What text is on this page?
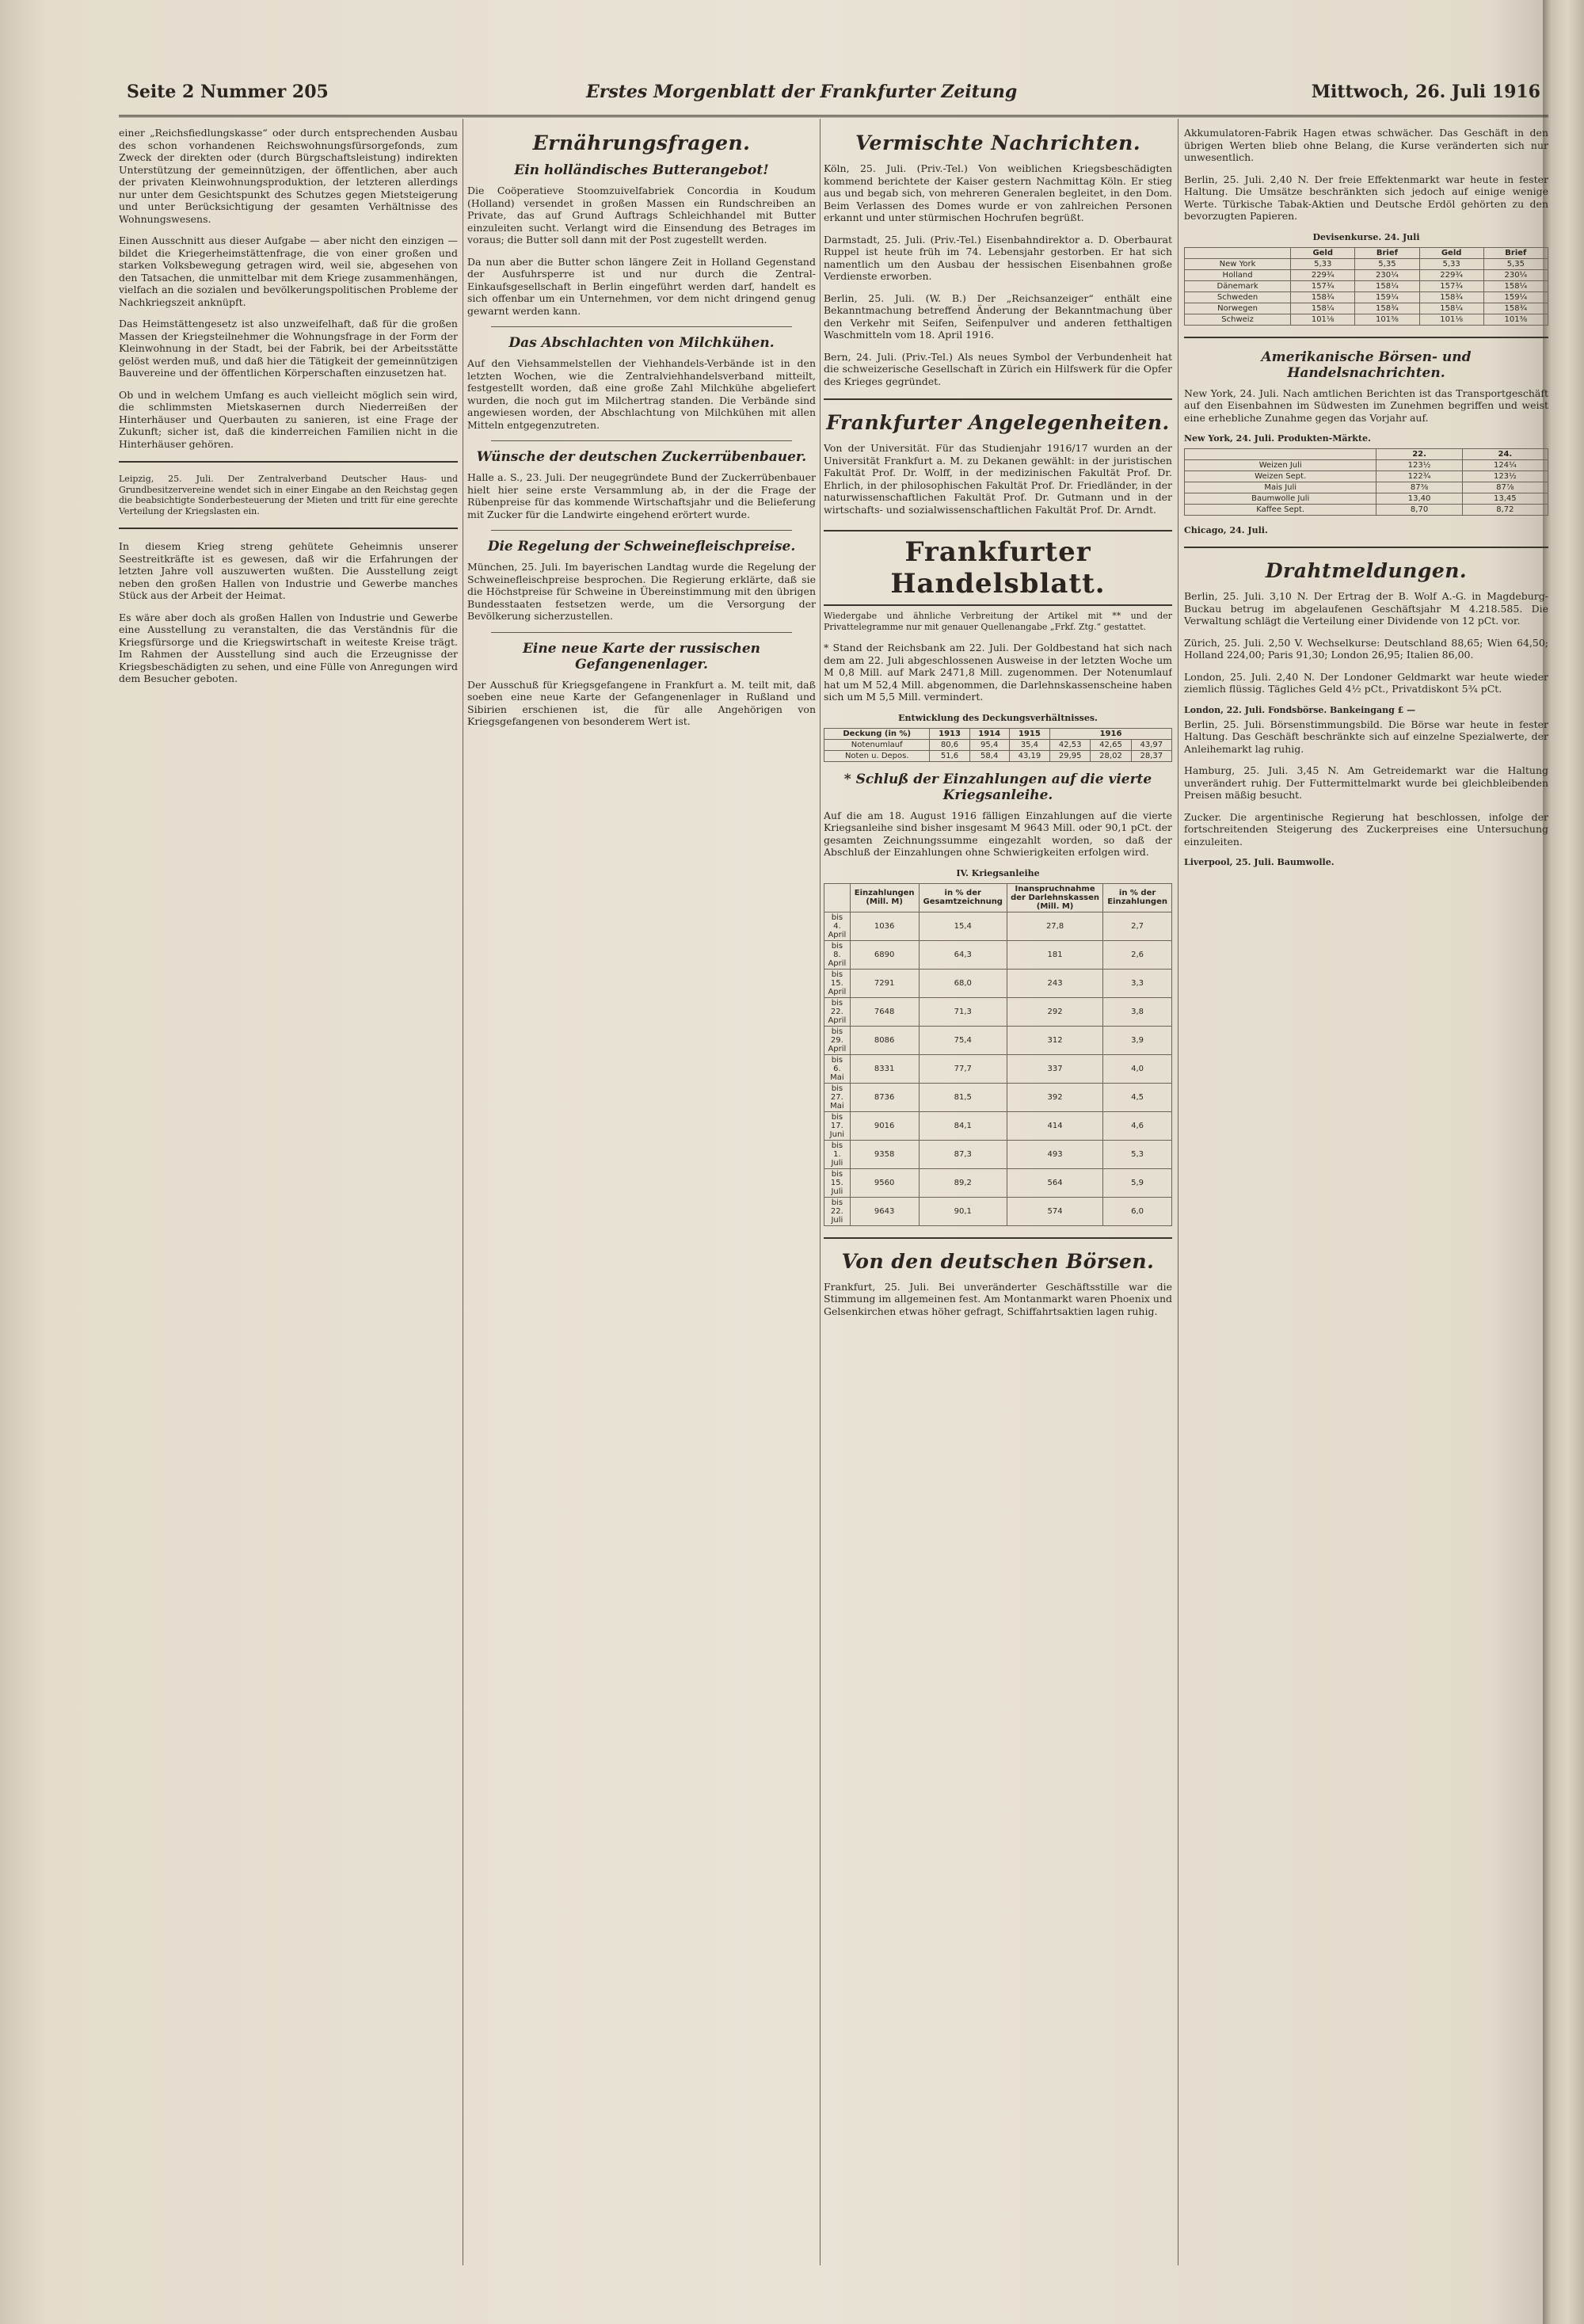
Seite 2 Nummer 205	Erstes Morgenblatt der Frankfurter Zeitung	Mittwoch, 26. Juli 1916

einer „Reichsfiedlungskasse“ oder durch entsprechenden Ausbau des schon vorhandenen Reichswohnungsfürsorgefonds, zum Zweck der direkten oder (durch Bürgschaftsleistung) indirekten Unterstützung der gemeinnützigen, der öffentlichen, aber auch der privaten Kleinwohnungsproduktion, der letzteren allerdings nur unter dem Gesichtspunkt des Schutzes gegen Mietsteigerung und unter Berücksichtigung der gesamten Verhältnisse des Wohnungswesens.

Einen Ausschnitt aus dieser Aufgabe — aber nicht den einzigen — bildet die Kriegerheimstättenfrage, die von einer großen und starken Volksbewegung getragen wird, weil sie, abgesehen von den Tatsachen, die unmittelbar mit dem Kriege zusammenhängen, vielfach an die sozialen und bevölkerungspolitischen Probleme der Nachkriegszeit anknüpft.

Das Heimstättengesetz ist also unzweifelhaft, daß für die großen Massen der Kriegsteilnehmer die Wohnungsfrage in der Form der Kleinwohnung in der Stadt, bei der Fabrik, bei der Arbeitsstätte gelöst werden muß, und daß hier die Tätigkeit der gemeinnützigen Bauvereine und der öffentlichen Körperschaften einzusetzen hat.

Ob und in welchem Umfang es auch vielleicht möglich sein wird, die schlimmsten Mietskasernen durch Niederreißen der Hinterhäuser und Querbauten zu sanieren, ist eine Frage der Zukunft; sicher ist, daß die kinderreichen Familien nicht in die Hinterhäuser gehören.

Leipzig, 25. Juli. Der Zentralverband Deutscher Haus- und Grundbesitzervereine wendet sich in einer Eingabe an den Reichstag gegen die beabsichtigte Sonderbesteuerung der Mieten und tritt für eine gerechte Verteilung der Kriegslasten ein.

In diesem Krieg streng gehütete Geheimnis unserer Seestreitkräfte ist es gewesen, daß wir die Erfahrungen der letzten Jahre voll auszuwerten wußten. Die Ausstellung zeigt neben den großen Hallen von Industrie und Gewerbe manches Stück aus der Arbeit der Heimat.

Es wäre aber doch als großen Hallen von Industrie und Gewerbe eine Ausstellung zu veranstalten, die das Verständnis für die Kriegsfürsorge und die Kriegswirtschaft in weiteste Kreise trägt. Im Rahmen der Ausstellung sind auch die Erzeugnisse der Kriegsbeschädigten zu sehen, und eine Fülle von Anregungen wird dem Besucher geboten.

Ernährungsfragen.
Ein holländisches Butterangebot!

Die Coöperatieve Stoomzuivelfabriek Concordia in Koudum (Holland) versendet in großen Massen ein Rundschreiben an Private, das auf Grund Auftrags Schleichhandel mit Butter einzuleiten sucht. Verlangt wird die Einsendung des Betrages im voraus; die Butter soll dann mit der Post zugestellt werden.

Da nun aber die Butter schon längere Zeit in Holland Gegenstand der Ausfuhrsperre ist und nur durch die Zentral-Einkaufsgesellschaft in Berlin eingeführt werden darf, handelt es sich offenbar um ein Unternehmen, vor dem nicht dringend genug gewarnt werden kann.

Das Abschlachten von Milchkühen.

Auf den Viehsammelstellen der Viehhandels-Verbände ist in den letzten Wochen, wie die Zentralviehhandelsverband mitteilt, festgestellt worden, daß eine große Zahl Milchkühe abgeliefert wurden, die noch gut im Milchertrag standen. Die Verbände sind angewiesen worden, der Abschlachtung von Milchkühen mit allen Mitteln entgegenzutreten.

Wünsche der deutschen Zuckerrübenbauer.

Halle a. S., 23. Juli. Der neugegründete Bund der Zuckerrübenbauer hielt hier seine erste Versammlung ab, in der die Frage der Rübenpreise für das kommende Wirtschaftsjahr und die Belieferung mit Zucker für die Landwirte eingehend erörtert wurde.

Die Regelung der Schweinefleischpreise.

München, 25. Juli. Im bayerischen Landtag wurde die Regelung der Schweinefleischpreise besprochen. Die Regierung erklärte, daß sie die Höchstpreise für Schweine in Übereinstimmung mit den übrigen Bundesstaaten festsetzen werde, um die Versorgung der Bevölkerung sicherzustellen.

Eine neue Karte der russischen Gefangenenlager.

Der Ausschuß für Kriegsgefangene in Frankfurt a. M. teilt mit, daß soeben eine neue Karte der Gefangenenlager in Rußland und Sibirien erschienen ist, die für alle Angehörigen von Kriegsgefangenen von besonderem Wert ist.

Vermischte Nachrichten.

Köln, 25. Juli. (Priv.-Tel.) Von weiblichen Kriegsbeschädigten kommend berichtete der Kaiser gestern Nachmittag Köln. Er stieg aus und begab sich, von mehreren Generalen begleitet, in den Dom. Beim Verlassen des Domes wurde er von zahlreichen Personen erkannt und unter stürmischen Hochrufen begrüßt.

Darmstadt, 25. Juli. (Priv.-Tel.) Eisenbahndirektor a. D. Oberbaurat Ruppel ist heute früh im 74. Lebensjahr gestorben. Er hat sich namentlich um den Ausbau der hessischen Eisenbahnen große Verdienste erworben.

Berlin, 25. Juli. (W. B.) Der „Reichsanzeiger“ enthält eine Bekanntmachung betreffend Änderung der Bekanntmachung über den Verkehr mit Seifen, Seifenpulver und anderen fetthaltigen Waschmitteln vom 18. April 1916.

Bern, 24. Juli. (Priv.-Tel.) Als neues Symbol der Verbundenheit hat die schweizerische Gesellschaft in Zürich ein Hilfswerk für die Opfer des Krieges gegründet.

Frankfurter Angelegenheiten.

Von der Universität. Für das Studienjahr 1916/17 wurden an der Universität Frankfurt a. M. zu Dekanen gewählt: in der juristischen Fakultät Prof. Dr. Wolff, in der medizinischen Fakultät Prof. Dr. Ehrlich, in der philosophischen Fakultät Prof. Dr. Friedländer, in der naturwissenschaftlichen Fakultät Prof. Dr. Gutmann und in der wirtschafts- und sozialwissenschaftlichen Fakultät Prof. Dr. Arndt.

Frankfurter Handelsblatt.

Wiedergabe und ähnliche Verbreitung der Artikel mit ** und der Privattelegramme nur mit genauer Quellenangabe „Frkf. Ztg.“ gestattet.

* Stand der Reichsbank am 22. Juli. Der Goldbestand hat sich nach dem am 22. Juli abgeschlossenen Ausweise in der letzten Woche um M 0,8 Mill. auf Mark 2471,8 Mill. zugenommen. Der Notenumlauf hat um M 52,4 Mill. abgenommen, die Darlehnskassenscheine haben sich um M 5,5 Mill. vermindert.

Entwicklung des Deckungsverhältnisses.
Deckung (in %)	1913	1914	1915	1916		
Notenumlauf	80,6	95,4	35,4	42,53	42,65	43,97
Noten u. Depos.	51,6	58,4	43,19	29,95	28,02	28,37
* Schluß der Einzahlungen auf die vierte Kriegsanleihe.

Auf die am 18. August 1916 fälligen Einzahlungen auf die vierte Kriegsanleihe sind bisher insgesamt M 9643 Mill. oder 90,1 pCt. der gesamten Zeichnungssumme eingezahlt worden, so daß der Abschluß der Einzahlungen ohne Schwierigkeiten erfolgen wird.

IV. Kriegsanleihe
	Einzahlungen (Mill. M)	in % der Gesamtzeichnung	Inanspruchnahme der Darlehnskassen (Mill. M)	in % der Einzahlungen
bis 4. April	1036	15,4	27,8	2,7
bis 8. April	6890	64,3	181	2,6
bis 15. April	7291	68,0	243	3,3
bis 22. April	7648	71,3	292	3,8
bis 29. April	8086	75,4	312	3,9
bis 6. Mai	8331	77,7	337	4,0
bis 27. Mai	8736	81,5	392	4,5
bis 17. Juni	9016	84,1	414	4,6
bis 1. Juli	9358	87,3	493	5,3
bis 15. Juli	9560	89,2	564	5,9
bis 22. Juli	9643	90,1	574	6,0
Von den deutschen Börsen.

Frankfurt, 25. Juli. Bei unveränderter Geschäftsstille war die Stimmung im allgemeinen fest. Am Montanmarkt waren Phoenix und Gelsenkirchen etwas höher gefragt, Schiffahrtsaktien lagen ruhig.

Akkumulatoren-Fabrik Hagen etwas schwächer. Das Geschäft in den übrigen Werten blieb ohne Belang, die Kurse veränderten sich nur unwesentlich.

Berlin, 25. Juli. 2,40 N. Der freie Effektenmarkt war heute in fester Haltung. Die Umsätze beschränkten sich jedoch auf einige wenige Werte. Türkische Tabak-Aktien und Deutsche Erdöl gehörten zu den bevorzugten Papieren.

Devisenkurse. 24. Juli
	Geld	Brief	Geld	Brief
New York	5,33	5,35	5,33	5,35
Holland	229¾	230¼	229¾	230¼
Dänemark	157¾	158¼	157¾	158¼
Schweden	158¾	159¼	158¾	159¼
Norwegen	158¼	158¾	158¼	158¾
Schweiz	101⅛	101⅜	101⅛	101⅜
Amerikanische Börsen- und Handelsnachrichten.

New York, 24. Juli. Nach amtlichen Berichten ist das Transportgeschäft auf den Eisenbahnen im Südwesten im Zunehmen begriffen und weist eine erhebliche Zunahme gegen das Vorjahr auf.

New York, 24. Juli. Produkten-Märkte.
	22.	24.
Weizen Juli	123½	124¼
Weizen Sept.	122¾	123½
Mais Juli	87⅜	87⅞
Baumwolle Juli	13,40	13,45
Kaffee Sept.	8,70	8,72
Chicago, 24. Juli.
Drahtmeldungen.

Berlin, 25. Juli. 3,10 N. Der Ertrag der B. Wolf A.-G. in Magdeburg-Buckau betrug im abgelaufenen Geschäftsjahr M 4.218.585. Die Verwaltung schlägt die Verteilung einer Dividende von 12 pCt. vor.

Zürich, 25. Juli. 2,50 V. Wechselkurse: Deutschland 88,65; Wien 64,50; Holland 224,00; Paris 91,30; London 26,95; Italien 86,00.

London, 25. Juli. 2,40 N. Der Londoner Geldmarkt war heute wieder ziemlich flüssig. Tägliches Geld 4½ pCt., Privatdiskont 5¾ pCt.

London, 22. Juli. Fondsbörse. Bankeingang £ —

Berlin, 25. Juli. Börsenstimmungsbild. Die Börse war heute in fester Haltung. Das Geschäft beschränkte sich auf einzelne Spezialwerte, der Anleihemarkt lag ruhig.

Hamburg, 25. Juli. 3,45 N. Am Getreidemarkt war die Haltung unverändert ruhig. Der Futtermittelmarkt wurde bei gleichbleibenden Preisen mäßig besucht.

Zucker. Die argentinische Regierung hat beschlossen, infolge der fortschreitenden Steigerung des Zuckerpreises eine Untersuchung einzuleiten.

Liverpool, 25. Juli. Baumwolle.
